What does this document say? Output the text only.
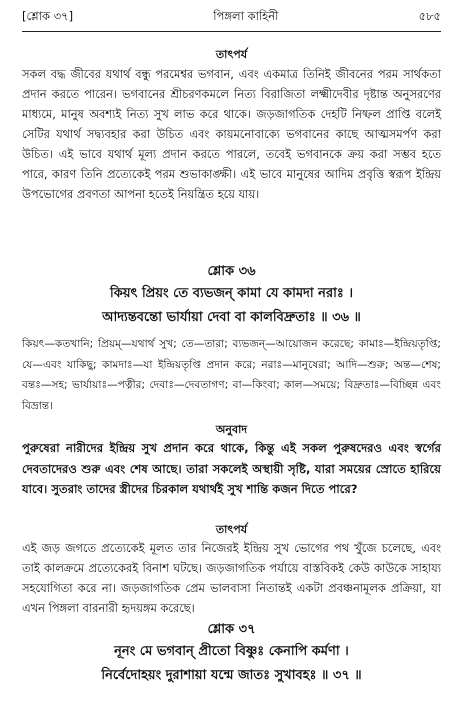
[শ্লোক ৩৭]	পিঙ্গলা কাহিনী	৫৮৫
তাৎপর্য
সকল বদ্ধ জীবের যথার্থ বন্ধু পরমেশ্বর ভগবান, এবং একমাত্র তিনিই জীবনের পরম সার্থকতা প্রদান করতে পারেন। ভগবানের শ্রীচরণকমলে নিত্য বিরাজিতা লক্ষ্মীদেবীর দৃষ্টান্ত অনুসরণের মাধ্যমে, মানুষ অবশ্যই নিত্য সুখ লাভ করে থাকে। জড়জাগতিক দেহটি নিষ্ফল প্রাপ্তি বলেই সেটির যথার্থ সদ্ব্যবহার করা উচিত এবং কায়মনোবাক্যে ভগবানের কাছে আত্মসমর্পণ করা উচিত। এই ভাবে যথার্থ মূল্য প্রদান করতে পারলে, তবেই ভগবানকে ক্রয় করা সম্ভব হতে পারে, কারণ তিনি প্রত্যেকেই পরম শুভাকাঙ্ক্ষী। এই ভাবে মানুষের আদিম প্রবৃত্তি স্বরূপ ইন্দ্রিয় উপভোগের প্রবণতা আপনা হতেই নিয়ন্ত্রিত হয়ে যায়।
শ্লোক ৩৬
কিয়ৎ প্রিয়ং তে ব্যভজন্ কামা যে কামদা নরাঃ ।
আদ্যন্তবন্তো ভার্যায়া দেবা বা কালবিদ্রুতাঃ ॥ ৩৬ ॥
কিয়ৎ—কতখানি; প্রিয়ম্—যথার্থ সুখ; তে—তারা; ব্যভজন্—আয়োজন করেছে; কামাঃ—ইন্দ্রিয়তৃপ্তি; যে—এবং যাকিছু; কামদাঃ—যা ইন্দ্রিয়তৃপ্তি প্রদান করে; নরাঃ—মানুষেরা; আদি—শুরু; অন্ত—শেষ; বন্তঃ—সহ; ভার্যায়াঃ—পত্নীর; দেবাঃ—দেবতাগণ; বা—কিংবা; কাল—সময়ে; বিদ্রুতাঃ—বিচ্ছিন্ন এবং বিভ্রান্ত।
অনুবাদ
পুরুষেরা নারীদের ইন্দ্রিয় সুখ প্রদান করে থাকে, কিন্তু এই সকল পুরুষদেরও এবং স্বর্গের দেবতাদেরও শুরু এবং শেষ আছে। তারা সকলেই অস্থায়ী সৃষ্টি, যারা সময়ের স্রোতে হারিয়ে যাবে। সুতরাং তাদের স্ত্রীদের চিরকাল যথার্থই সুখ শান্তি কজন দিতে পারে?
তাৎপর্য
এই জড় জগতে প্রত্যেকেই মূলত তার নিজেরই ইন্দ্রিয় সুখ ভোগের পথ খুঁজে চলেছে, এবং তাই কালক্রমে প্রত্যেকেরই বিনাশ ঘটছে। জড়জাগতিক পর্যায়ে বাস্তবিকই কেউ কাউকে সাহায্য সহযোগিতা করে না। জড়জাগতিক প্রেম ভালবাসা নিতান্তই একটা প্রবঞ্চনামূলক প্রক্রিয়া, যা এখন পিঙ্গলা বারনারী হৃদয়ঙ্গম করেছে।
শ্লোক ৩৭
নূনং মে ভগবান্ প্রীতো বিষ্ণুঃ কেনাপি কর্মণা ।
নির্বেদোহয়ং দুরাশায়া যন্মে জাতঃ সুখাবহঃ ॥ ৩৭ ॥
